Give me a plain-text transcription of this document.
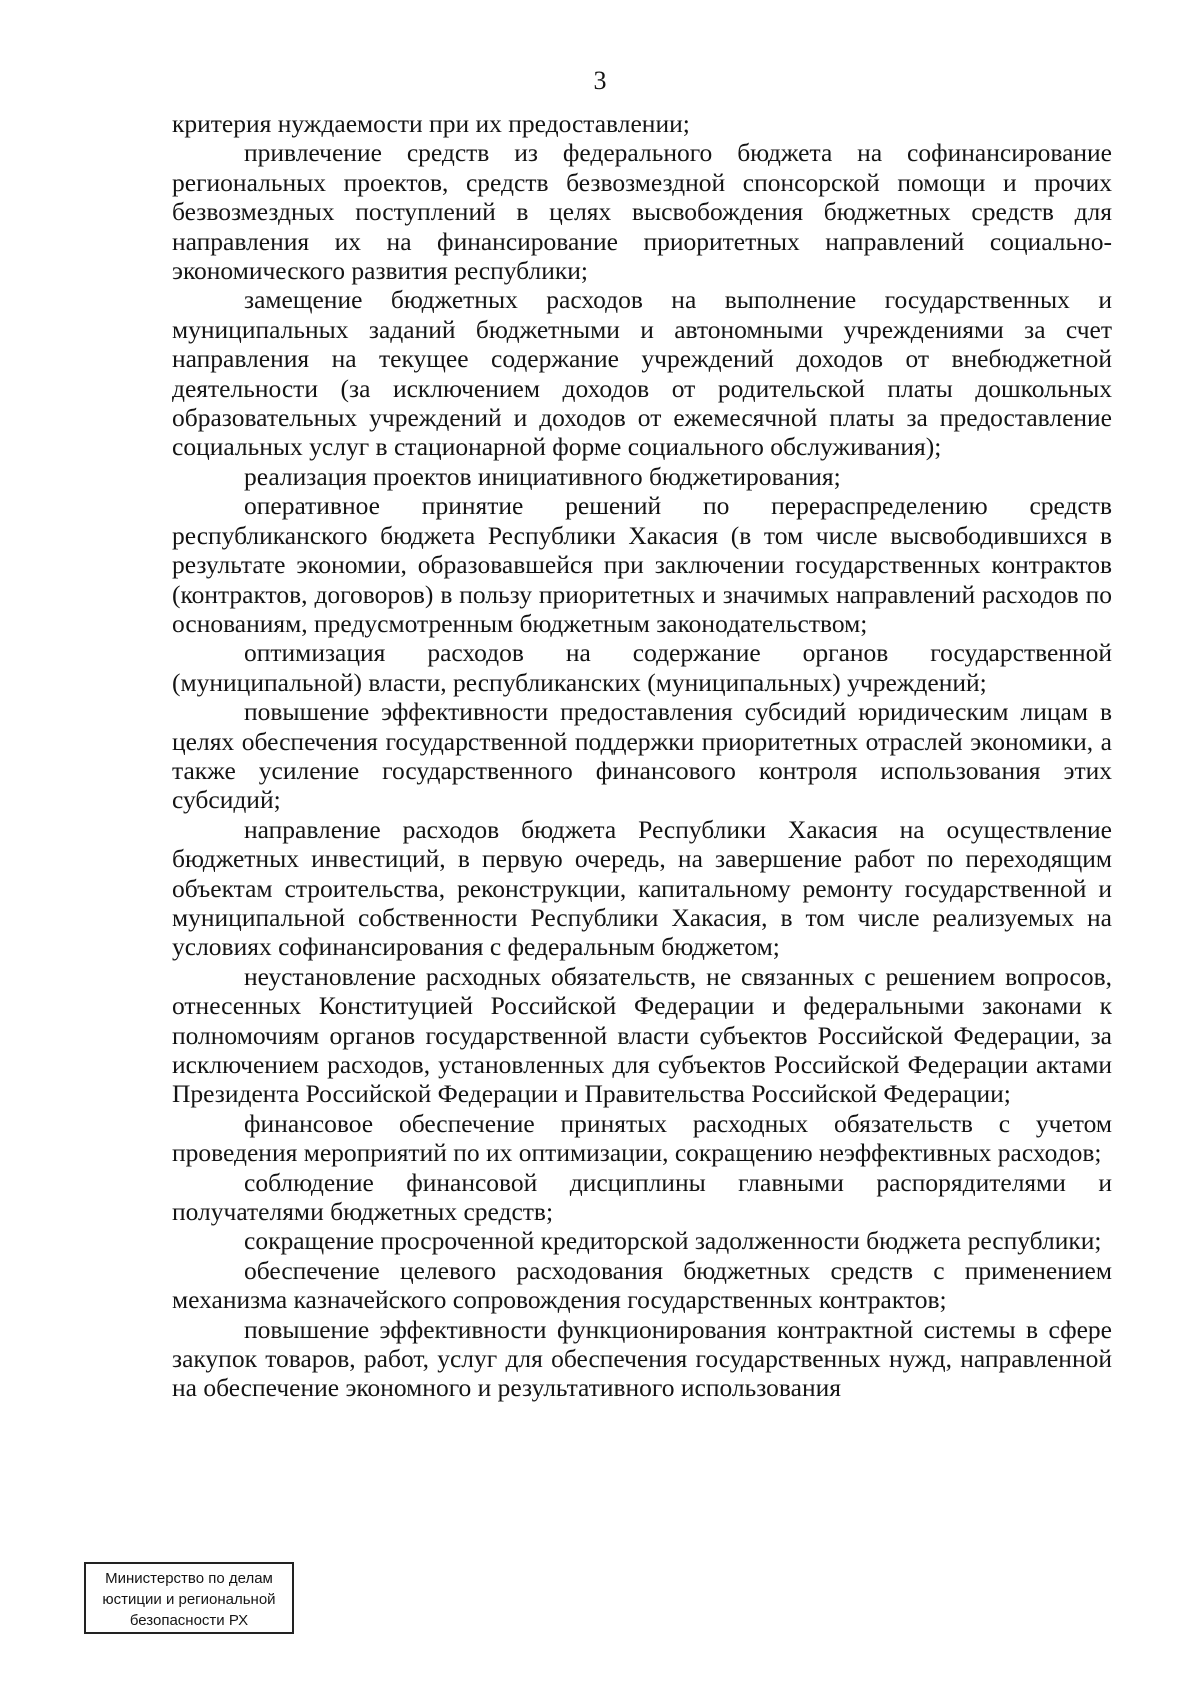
3

критерия нуждаемости при их предоставлении;

привлечение средств из федерального бюджета на софинансирование региональных проектов, средств безвозмездной спонсорской помощи и прочих безвозмездных поступлений в целях высвобождения бюджетных средств для направления их на финансирование приоритетных направлений социально-экономического развития республики;

замещение бюджетных расходов на выполнение государственных и муниципальных заданий бюджетными и автономными учреждениями за счет направления на текущее содержание учреждений доходов от внебюджетной деятельности (за исключением доходов от родительской платы дошкольных образовательных учреждений и доходов от ежемесячной платы за предоставление социальных услуг в стационарной форме социального обслуживания);

реализация проектов инициативного бюджетирования;

оперативное принятие решений по перераспределению средств республиканского бюджета Республики Хакасия (в том числе высвободившихся в результате экономии, образовавшейся при заключении государственных контрактов (контрактов, договоров) в пользу приоритетных и значимых направлений расходов по основаниям, предусмотренным бюджетным законодательством;

оптимизация расходов на содержание органов государственной (муниципальной) власти, республиканских (муниципальных) учреждений;

повышение эффективности предоставления субсидий юридическим лицам в целях обеспечения государственной поддержки приоритетных отраслей экономики, а также усиление государственного финансового контроля использования этих субсидий;

направление расходов бюджета Республики Хакасия на осуществление бюджетных инвестиций, в первую очередь, на завершение работ по переходящим объектам строительства, реконструкции, капитальному ремонту государственной и муниципальной собственности Республики Хакасия, в том числе реализуемых на условиях софинансирования с федеральным бюджетом;

неустановление расходных обязательств, не связанных с решением вопросов, отнесенных Конституцией Российской Федерации и федеральными законами к полномочиям органов государственной власти субъектов Российской Федерации, за исключением расходов, установленных для субъектов Российской Федерации актами Президента Российской Федерации и Правительства Российской Федерации;

финансовое обеспечение принятых расходных обязательств с учетом проведения мероприятий по их оптимизации, сокращению неэффективных расходов;

соблюдение финансовой дисциплины главными распорядителями и получателями бюджетных средств;

сокращение просроченной кредиторской задолженности бюджета республики;

обеспечение целевого расходования бюджетных средств с применением механизма казначейского сопровождения государственных контрактов;

повышение эффективности функционирования контрактной системы в сфере закупок товаров, работ, услуг для обеспечения государственных нужд, направленной на обеспечение экономного и результативного использования

Министерство по делам
юстиции и региональной
безопасности РХ
